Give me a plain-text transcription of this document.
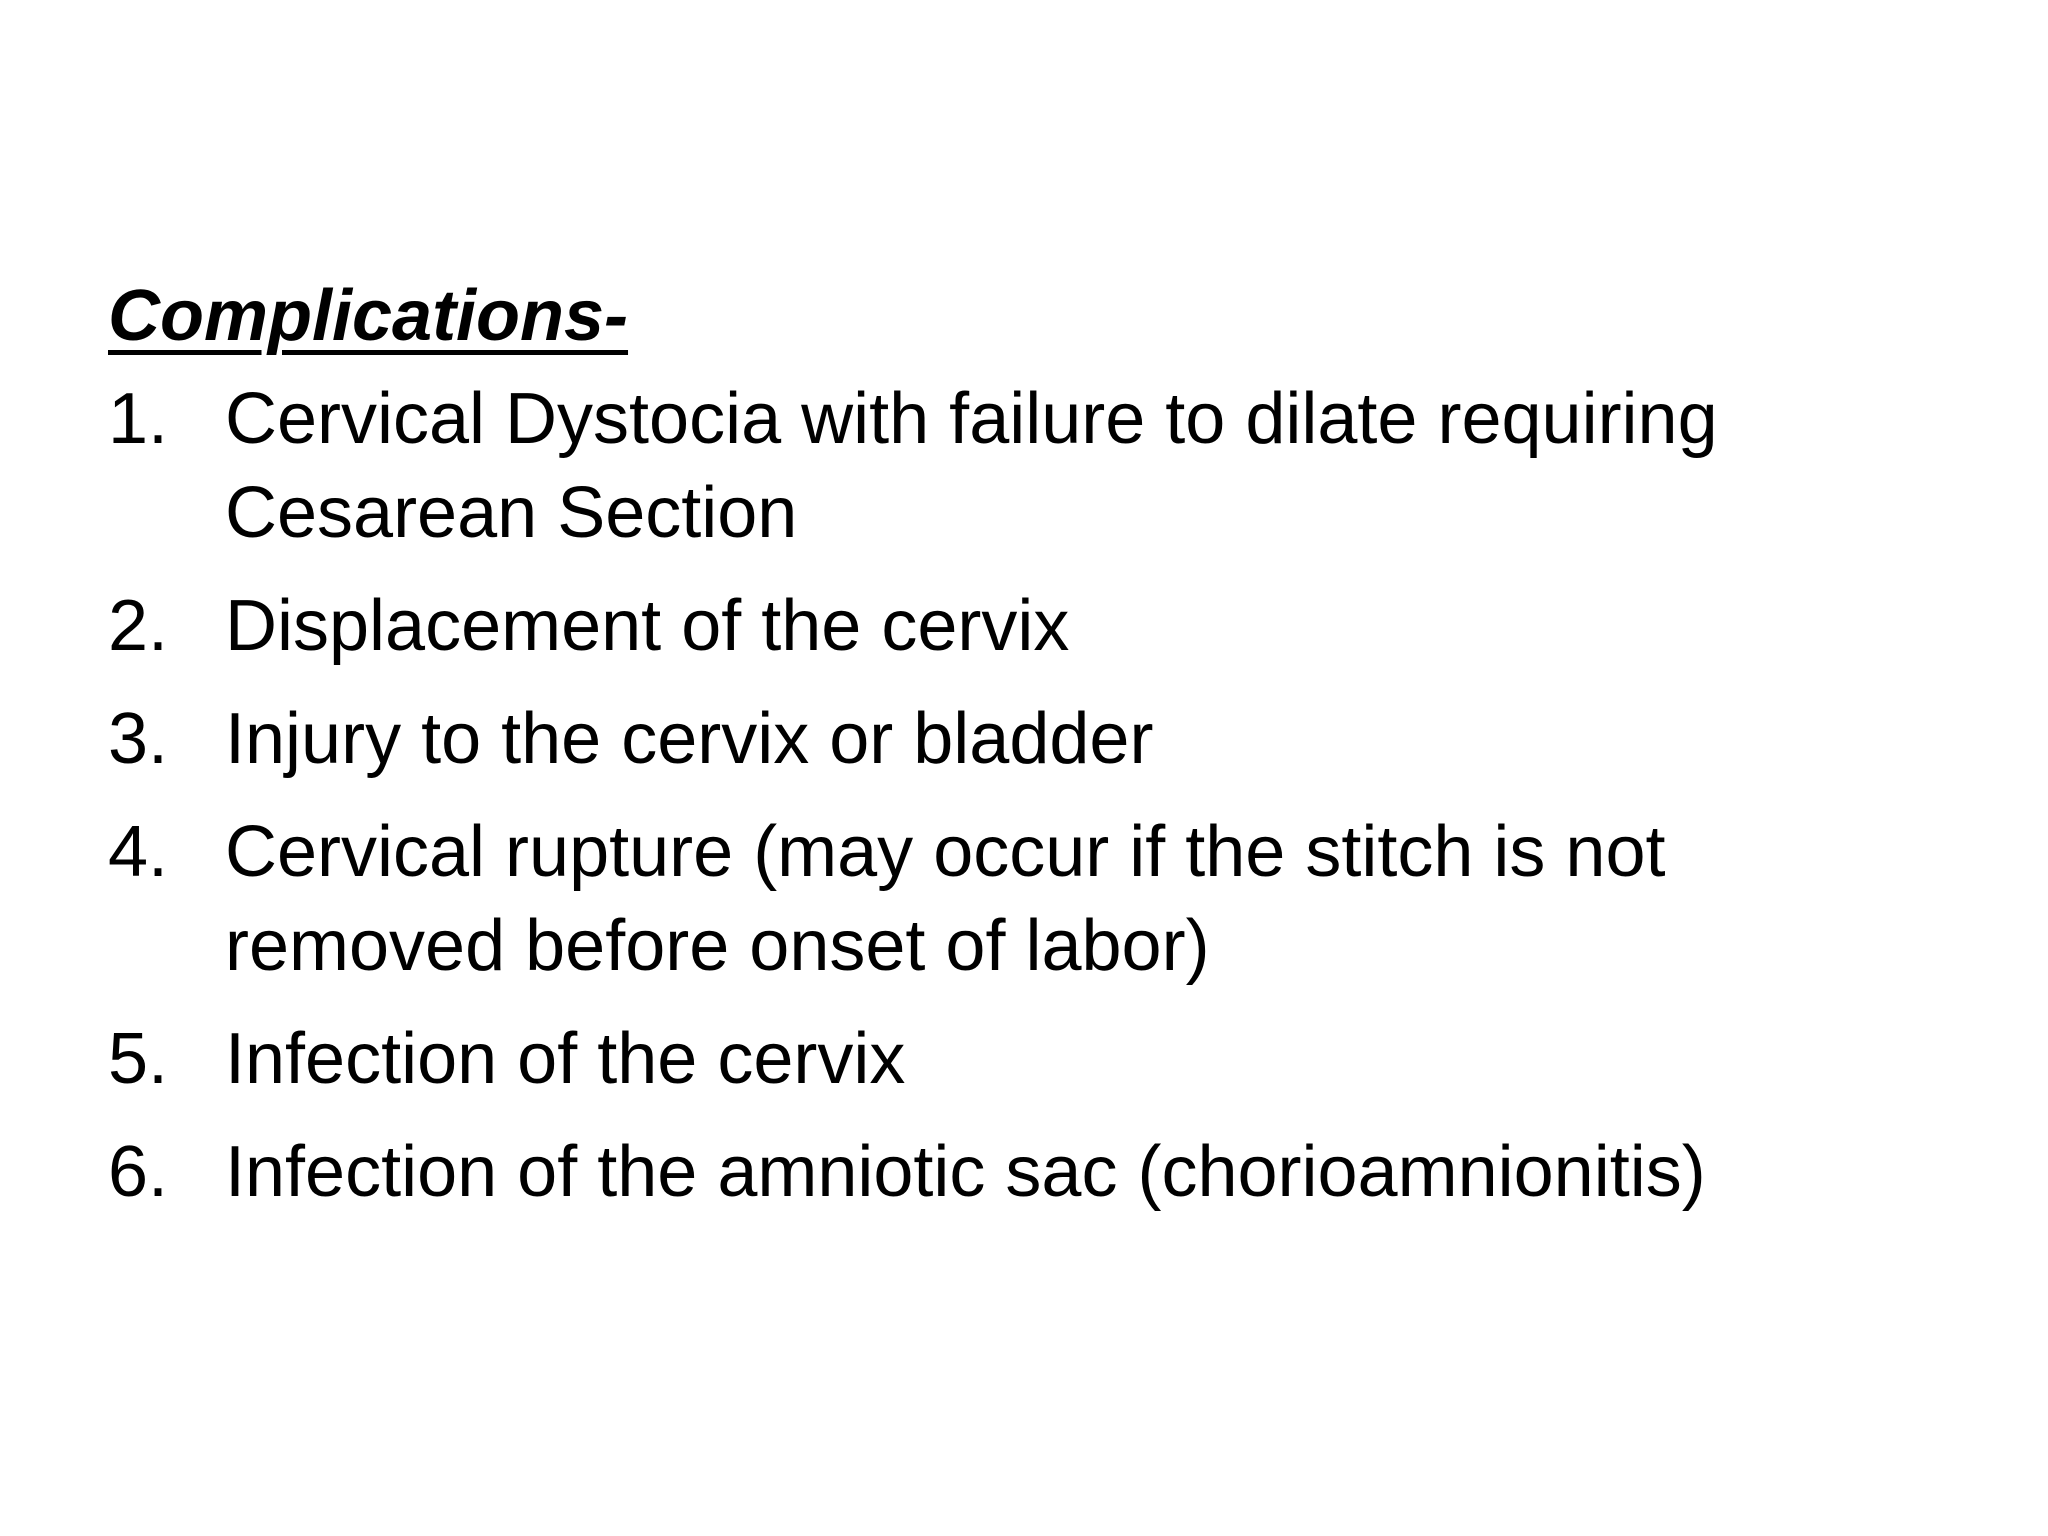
Complications-
1. Cervical Dystocia with failure to dilate requiring
Cesarean Section
2. Displacement of the cervix
3. Injury to the cervix or bladder
4. Cervical rupture (may occur if the stitch is not
removed before onset of labor)
5. Infection of the cervix
6. Infection of the amniotic sac (chorioamnionitis)
